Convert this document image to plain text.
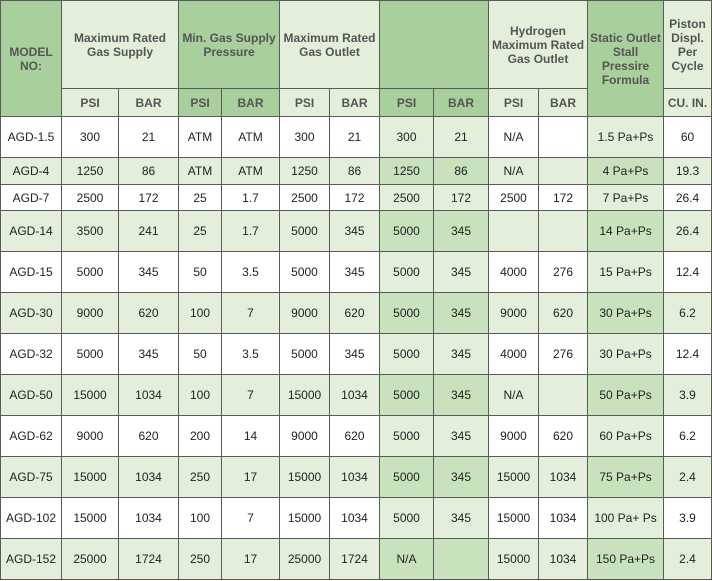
MODEL NO:	Maximum Rated Gas Supply		Min. Gas Supply Pressure		Maximum Rated Gas Outlet				Hydrogen Maximum Rated Gas Outlet		Static Outlet Stall Pressire Formula	Piston Displ. Per Cycle
	PSI	BAR	PSI	BAR	PSI	BAR	PSI	BAR	PSI	BAR		CU. IN.
AGD-1.5	300	21	ATM	ATM	300	21	300	21	N/A		1.5 Pa+Ps	60
AGD-4	1250	86	ATM	ATM	1250	86	1250	86	N/A		4 Pa+Ps	19.3
AGD-7	2500	172	25	1.7	2500	172	2500	172	2500	172	7 Pa+Ps	26.4
AGD-14	3500	241	25	1.7	5000	345	5000	345			14 Pa+Ps	26.4
AGD-15	5000	345	50	3.5	5000	345	5000	345	4000	276	15 Pa+Ps	12.4
AGD-30	9000	620	100	7	9000	620	5000	345	9000	620	30 Pa+Ps	6.2
AGD-32	5000	345	50	3.5	5000	345	5000	345	4000	276	30 Pa+Ps	12.4
AGD-50	15000	1034	100	7	15000	1034	5000	345	N/A		50 Pa+Ps	3.9
AGD-62	9000	620	200	14	9000	620	5000	345	9000	620	60 Pa+Ps	6.2
AGD-75	15000	1034	250	17	15000	1034	5000	345	15000	1034	75 Pa+Ps	2.4
AGD-102	15000	1034	100	7	15000	1034	5000	345	15000	1034	100 Pa+ Ps	3.9
AGD-152	25000	1724	250	17	25000	1724	N/A		15000	1034	150 Pa+Ps	2.4
